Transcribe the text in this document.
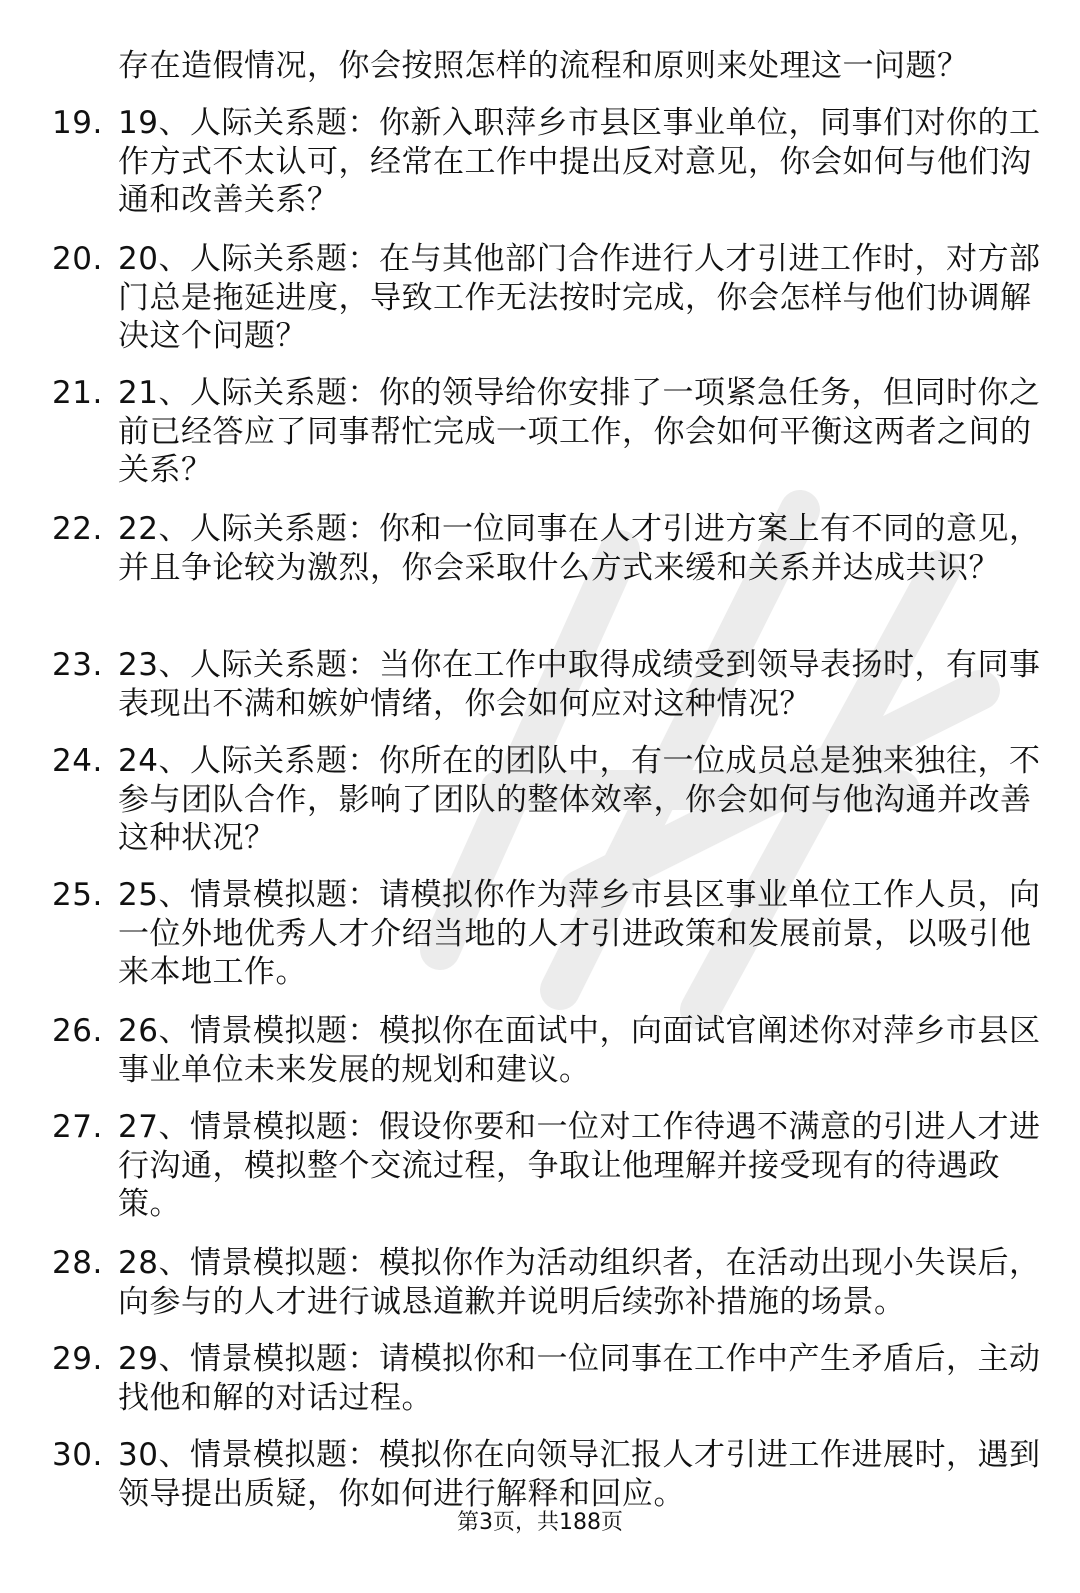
存在造假情况，你会按照怎样的流程和原则来处理这一问题？
19. 19、人际关系题：你新入职萍乡市县区事业单位，同事们对你的工作方式不太认可，经常在工作中提出反对意见，你会如何与他们沟通和改善关系？
20. 20、人际关系题：在与其他部门合作进行人才引进工作时，对方部门总是拖延进度，导致工作无法按时完成，你会怎样与他们协调解决这个问题？
21. 21、人际关系题：你的领导给你安排了一项紧急任务，但同时你之前已经答应了同事帮忙完成一项工作，你会如何平衡这两者之间的关系？
22. 22、人际关系题：你和一位同事在人才引进方案上有不同的意见，并且争论较为激烈，你会采取什么方式来缓和关系并达成共识？
23. 23、人际关系题：当你在工作中取得成绩受到领导表扬时，有同事表现出不满和嫉妒情绪，你会如何应对这种情况？
24. 24、人际关系题：你所在的团队中，有一位成员总是独来独往，不参与团队合作，影响了团队的整体效率，你会如何与他沟通并改善这种状况？
25. 25、情景模拟题：请模拟你作为萍乡市县区事业单位工作人员，向一位外地优秀人才介绍当地的人才引进政策和发展前景，以吸引他来本地工作。
26. 26、情景模拟题：模拟你在面试中，向面试官阐述你对萍乡市县区事业单位未来发展的规划和建议。
27. 27、情景模拟题：假设你要和一位对工作待遇不满意的引进人才进行沟通，模拟整个交流过程，争取让他理解并接受现有的待遇政策。
28. 28、情景模拟题：模拟你作为活动组织者，在活动出现小失误后，向参与的人才进行诚恳道歉并说明后续弥补措施的场景。
29. 29、情景模拟题：请模拟你和一位同事在工作中产生矛盾后，主动找他和解的对话过程。
30. 30、情景模拟题：模拟你在向领导汇报人才引进工作进展时，遇到领导提出质疑，你如何进行解释和回应。
第3页，共188页
